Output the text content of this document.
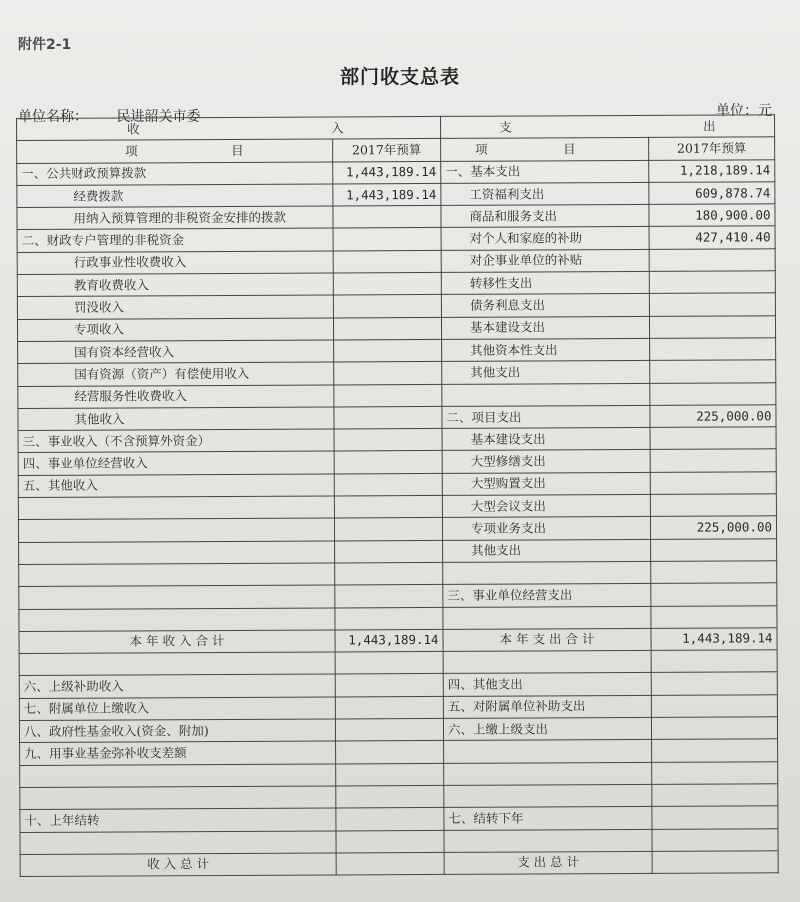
附件2-1
部门收支总表
单位名称： 民进韶关市委	单位：元
收 入		支 出	

项 目	2017年预算	项 目	2017年预算
一、公共财政预算拨款	1,443,189.14	一、基本支出	1,218,189.14
经费拨款	1,443,189.14	工资福利支出	609,878.74
用纳入预算管理的非税资金安排的拨款		商品和服务支出	180,900.00
二、财政专户管理的非税资金		对个人和家庭的补助	427,410.40
行政事业性收费收入		对企事业单位的补贴	
教育收费收入		转移性支出	
罚没收入		债务利息支出	
专项收入		基本建设支出	
国有资本经营收入		其他资本性支出	
国有资源（资产）有偿使用收入		其他支出	
经营服务性收费收入			
其他收入		二、项目支出	225,000.00
三、事业收入（不含预算外资金）		基本建设支出	
四、事业单位经营收入		大型修缮支出	
五、其他收入		大型购置支出	
		大型会议支出	
		专项业务支出	225,000.00
		其他支出	

		三、事业单位经营支出	

本 年 收 入 合 计	1,443,189.14	本 年 支 出 合 计	1,443,189.14

六、上级补助收入		四、其他支出	
七、附属单位上缴收入		五、对附属单位补助支出	
八、政府性基金收入(资金、附加)		六、上缴上级支出	
九、用事业基金弥补收支差额			

十、上年结转		七、结转下年	

收 入 总 计		支 出 总 计	
